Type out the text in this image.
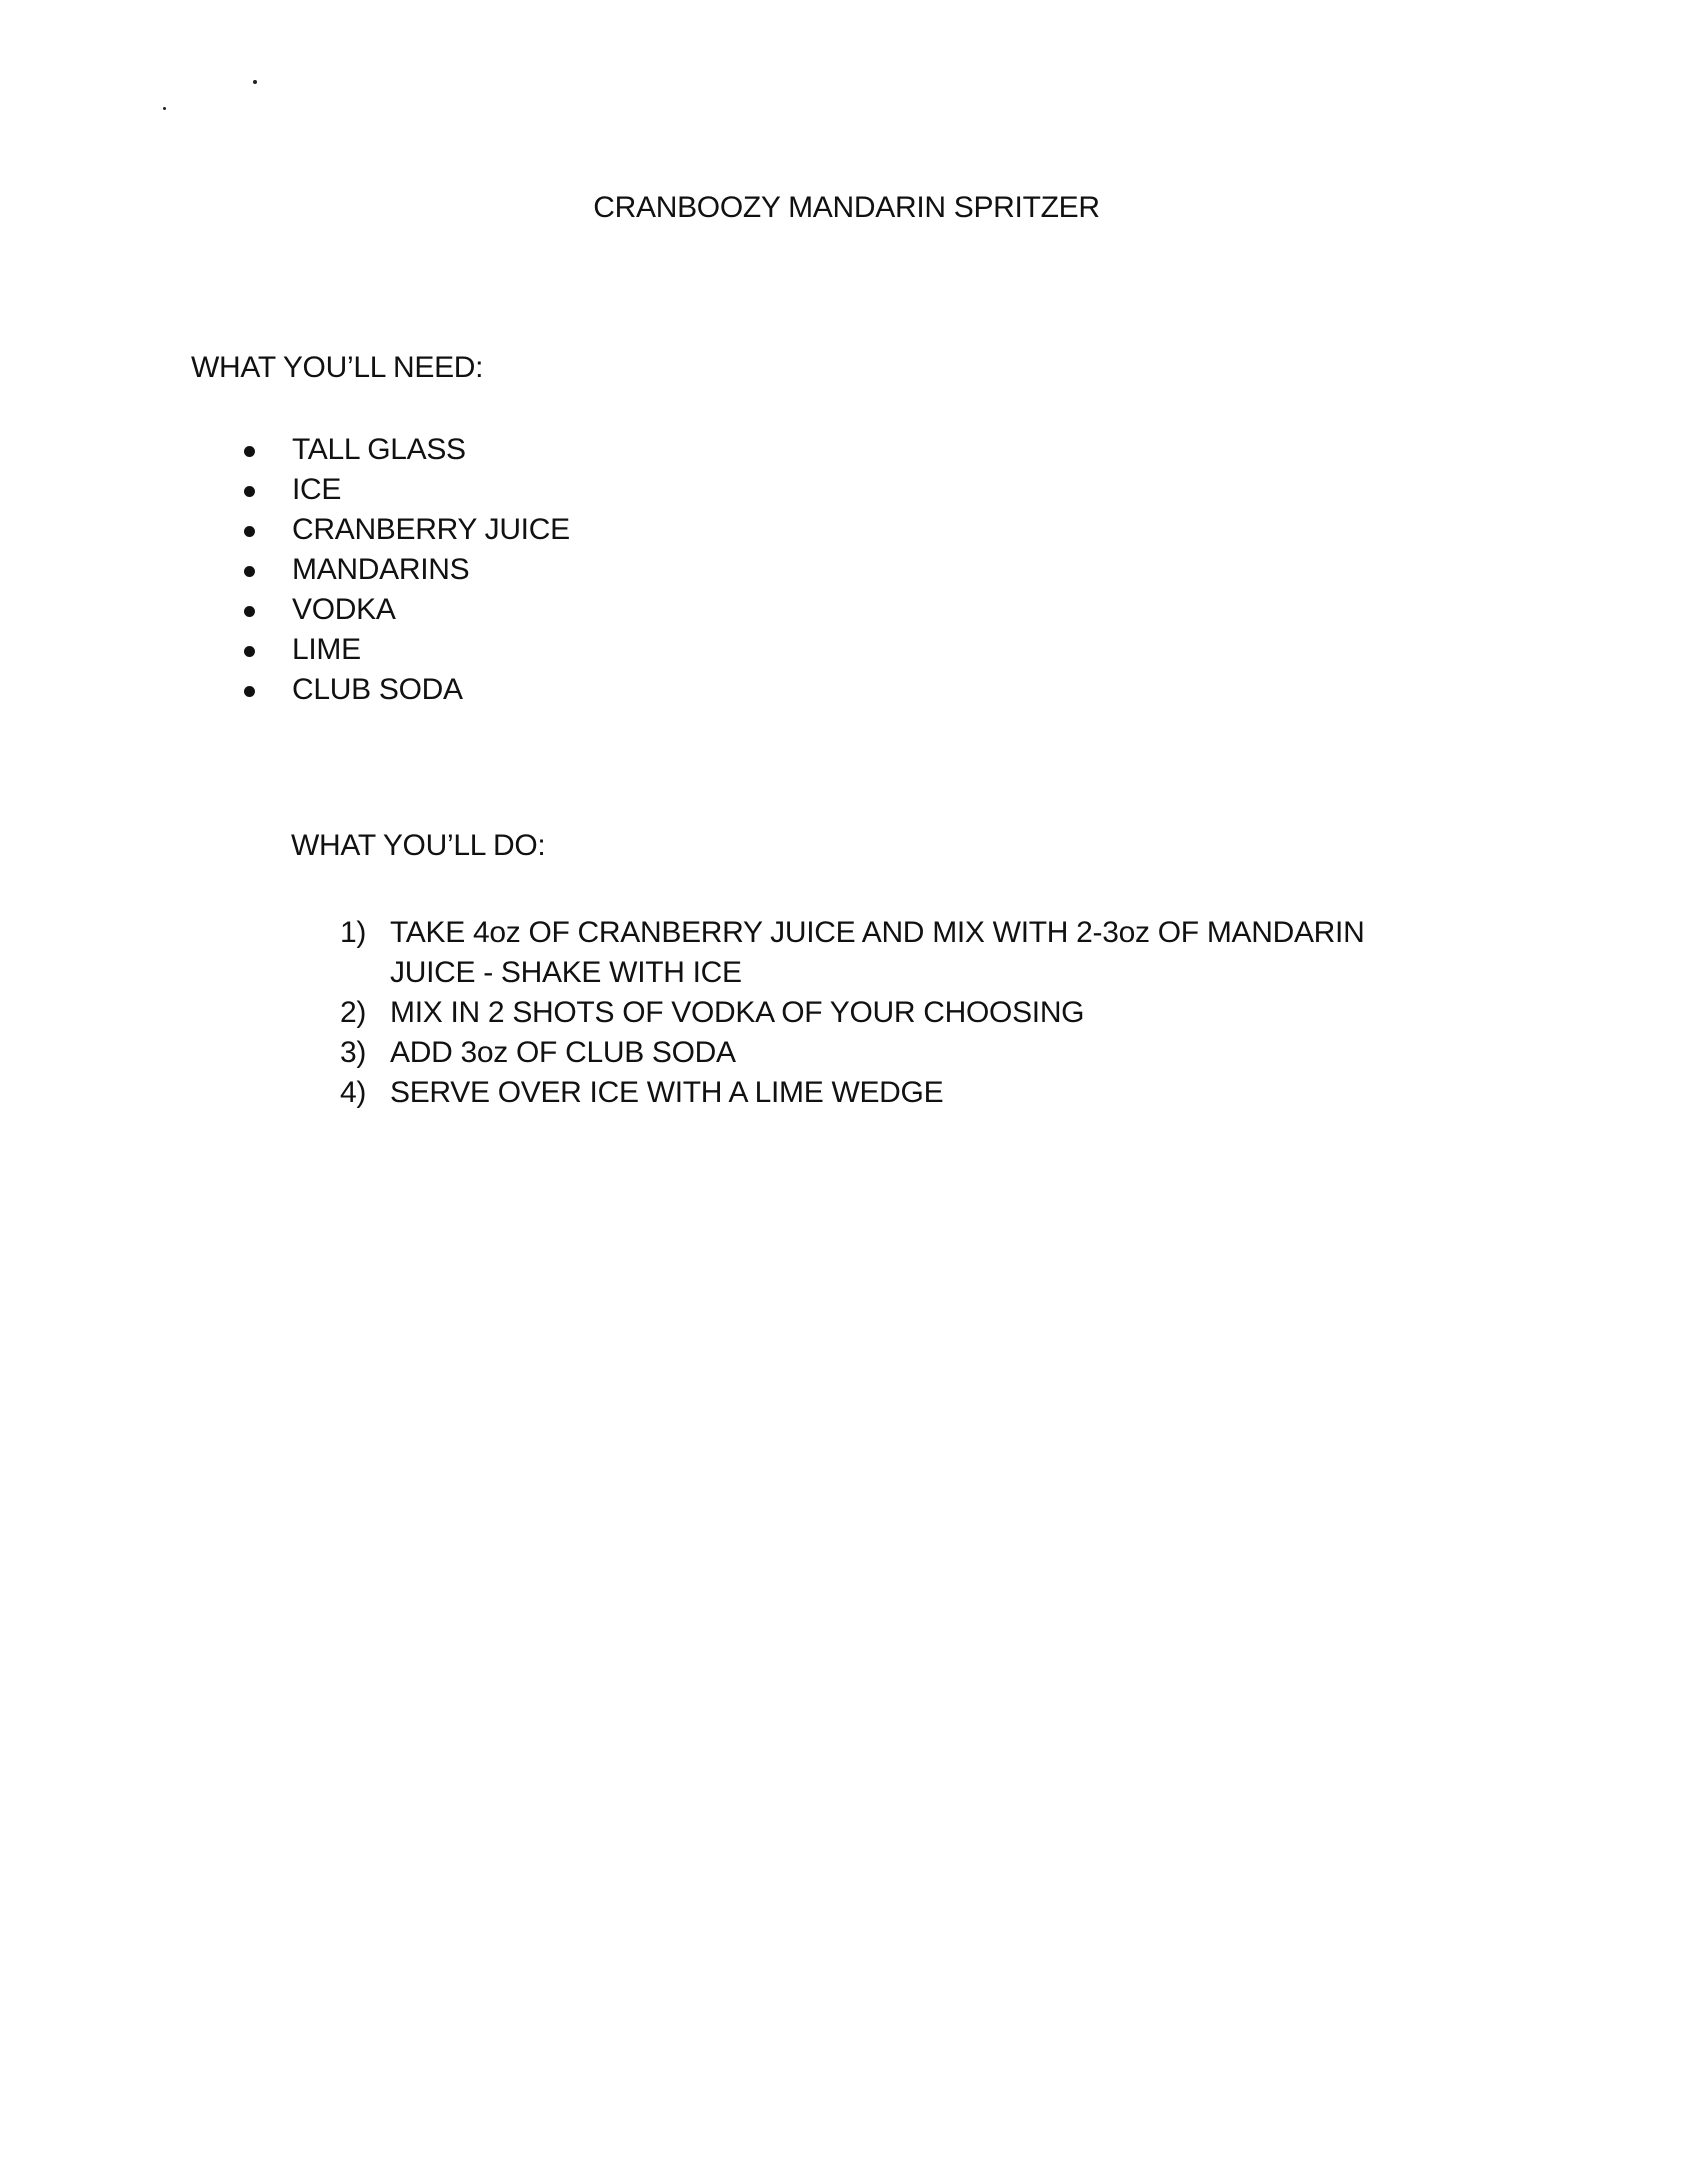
CRANBOOZY MANDARIN SPRITZER
WHAT YOU’LL NEED:
TALL GLASS
ICE
CRANBERRY JUICE
MANDARINS
VODKA
LIME
CLUB SODA
WHAT YOU’LL DO:
1) TAKE 4oz OF CRANBERRY JUICE AND MIX WITH 2-3oz OF MANDARIN JUICE - SHAKE WITH ICE
2) MIX IN 2 SHOTS OF VODKA OF YOUR CHOOSING
3) ADD 3oz OF CLUB SODA
4) SERVE OVER ICE WITH A LIME WEDGE
